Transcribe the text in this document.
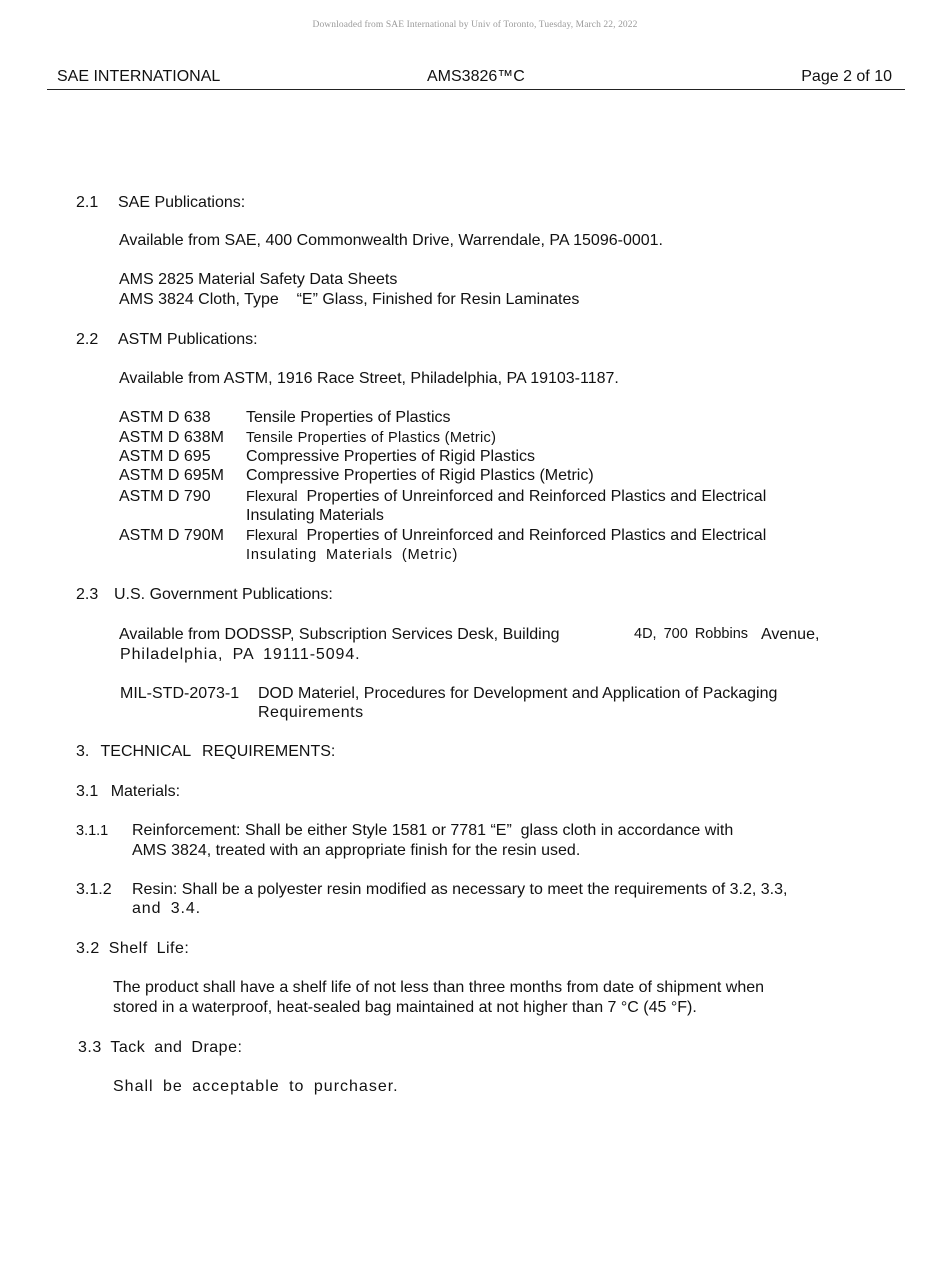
Downloaded from SAE International by Univ of Toronto, Tuesday, March 22, 2022
SAE INTERNATIONAL	AMS3826™C	Page 2 of 10
2.1 SAE Publications:
Available from SAE, 400 Commonwealth Drive, Warrendale, PA 15096-0001.
AMS 2825 Material Safety Data Sheets
AMS 3824 Cloth, Type    “E” Glass, Finished for Resin Laminates
2.2 ASTM Publications:
Available from ASTM, 1916 Race Street, Philadelphia, PA 19103-1187.
ASTM D 638 Tensile Properties of Plastics
ASTM D 638M Tensile Properties of Plastics (Metric)
ASTM D 695 Compressive Properties of Rigid Plastics
ASTM D 695M Compressive Properties of Rigid Plastics (Metric)
ASTM D 790 Flexural Properties of Unreinforced and Reinforced Plastics and Electrical
Insulating Materials
ASTM D 790M Flexural Properties of Unreinforced and Reinforced Plastics and Electrical
Insulating Materials (Metric)
2.3 U.S. Government Publications:
Available from DODSSP, Subscription Services Desk, Building	4D, 700 Robbins Avenue,
Philadelphia, PA 19111-5094.
MIL-STD-2073-1 DOD Materiel, Procedures for Development and Application of Packaging
Requirements
3. TECHNICAL REQUIREMENTS:
3.1 Materials:
3.1.1 Reinforcement: Shall be either Style 1581 or 7781 “E”  glass cloth in accordance with
AMS 3824, treated with an appropriate finish for the resin used.
3.1.2 Resin: Shall be a polyester resin modified as necessary to meet the requirements of 3.2, 3.3,
and 3.4.
3.2 Shelf Life:
The product shall have a shelf life of not less than three months from date of shipment when
stored in a waterproof, heat-sealed bag maintained at not higher than 7 °C (45 °F).
3.3 Tack and Drape:
Shall be acceptable to purchaser.
